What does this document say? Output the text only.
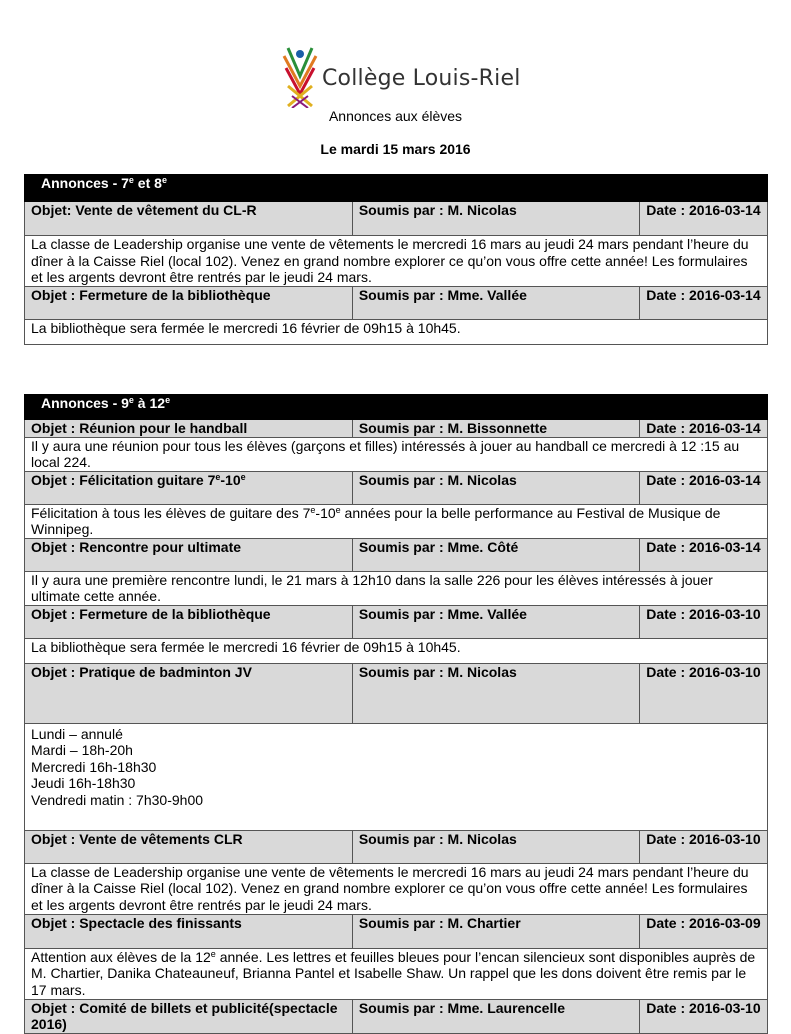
Collège Louis-Riel
Annonces aux élèves
Le mardi 15 mars 2016
Annonces - 7e et 8e
Objet: Vente de vêtement du CL-R	Soumis par : M. Nicolas	Date : 2016-03-14
La classe de Leadership organise une vente de vêtements le mercredi 16 mars au jeudi 24 mars pendant l’heure du dîner à la Caisse Riel (local 102). Venez en grand nombre explorer ce qu’on vous offre cette année! Les formulaires et les argents devront être rentrés par le jeudi 24 mars.		
Objet : Fermeture de la bibliothèque	Soumis par : Mme. Vallée	Date : 2016-03-14
La bibliothèque sera fermée le mercredi 16 février de 09h15 à 10h45.		
Annonces - 9e à 12e
Objet : Réunion pour le handball	Soumis par : M. Bissonnette	Date : 2016-03-14
Il y aura une réunion pour tous les élèves (garçons et filles) intéressés à jouer au handball ce mercredi à 12 :15 au local 224.		
Objet : Félicitation guitare 7e-10e	Soumis par : M. Nicolas	Date : 2016-03-14
Félicitation à tous les élèves de guitare des 7e-10e années pour la belle performance au Festival de Musique de Winnipeg.		
Objet : Rencontre pour ultimate	Soumis par : Mme. Côté	Date : 2016-03-14
Il y aura une première rencontre lundi, le 21 mars à 12h10 dans la salle 226 pour les élèves intéressés à jouer ultimate cette année.		
Objet : Fermeture de la bibliothèque	Soumis par : Mme. Vallée	Date : 2016-03-10
La bibliothèque sera fermée le mercredi 16 février de 09h15 à 10h45.		
Objet : Pratique de badminton JV	Soumis par : M. Nicolas	Date : 2016-03-10

Lundi – annulé
Mardi – 18h-20h
Mercredi 16h-18h30
Jeudi 16h-18h30
Vendredi matin : 7h30-9h00		

Objet : Vente de vêtements CLR	Soumis par : M. Nicolas	Date : 2016-03-10
La classe de Leadership organise une vente de vêtements le mercredi 16 mars au jeudi 24 mars pendant l’heure du dîner à la Caisse Riel (local 102). Venez en grand nombre explorer ce qu’on vous offre cette année! Les formulaires et les argents devront être rentrés par le jeudi 24 mars.		
Objet : Spectacle des finissants	Soumis par : M. Chartier	Date : 2016-03-09
Attention aux élèves de la 12e année. Les lettres et feuilles bleues pour l’encan silencieux sont disponibles auprès de M. Chartier, Danika Chateauneuf, Brianna Pantel et Isabelle Shaw. Un rappel que les dons doivent être remis par le 17 mars.		
Objet : Comité de billets et publicité(spectacle 2016)	Soumis par : Mme. Laurencelle	Date : 2016-03-10
